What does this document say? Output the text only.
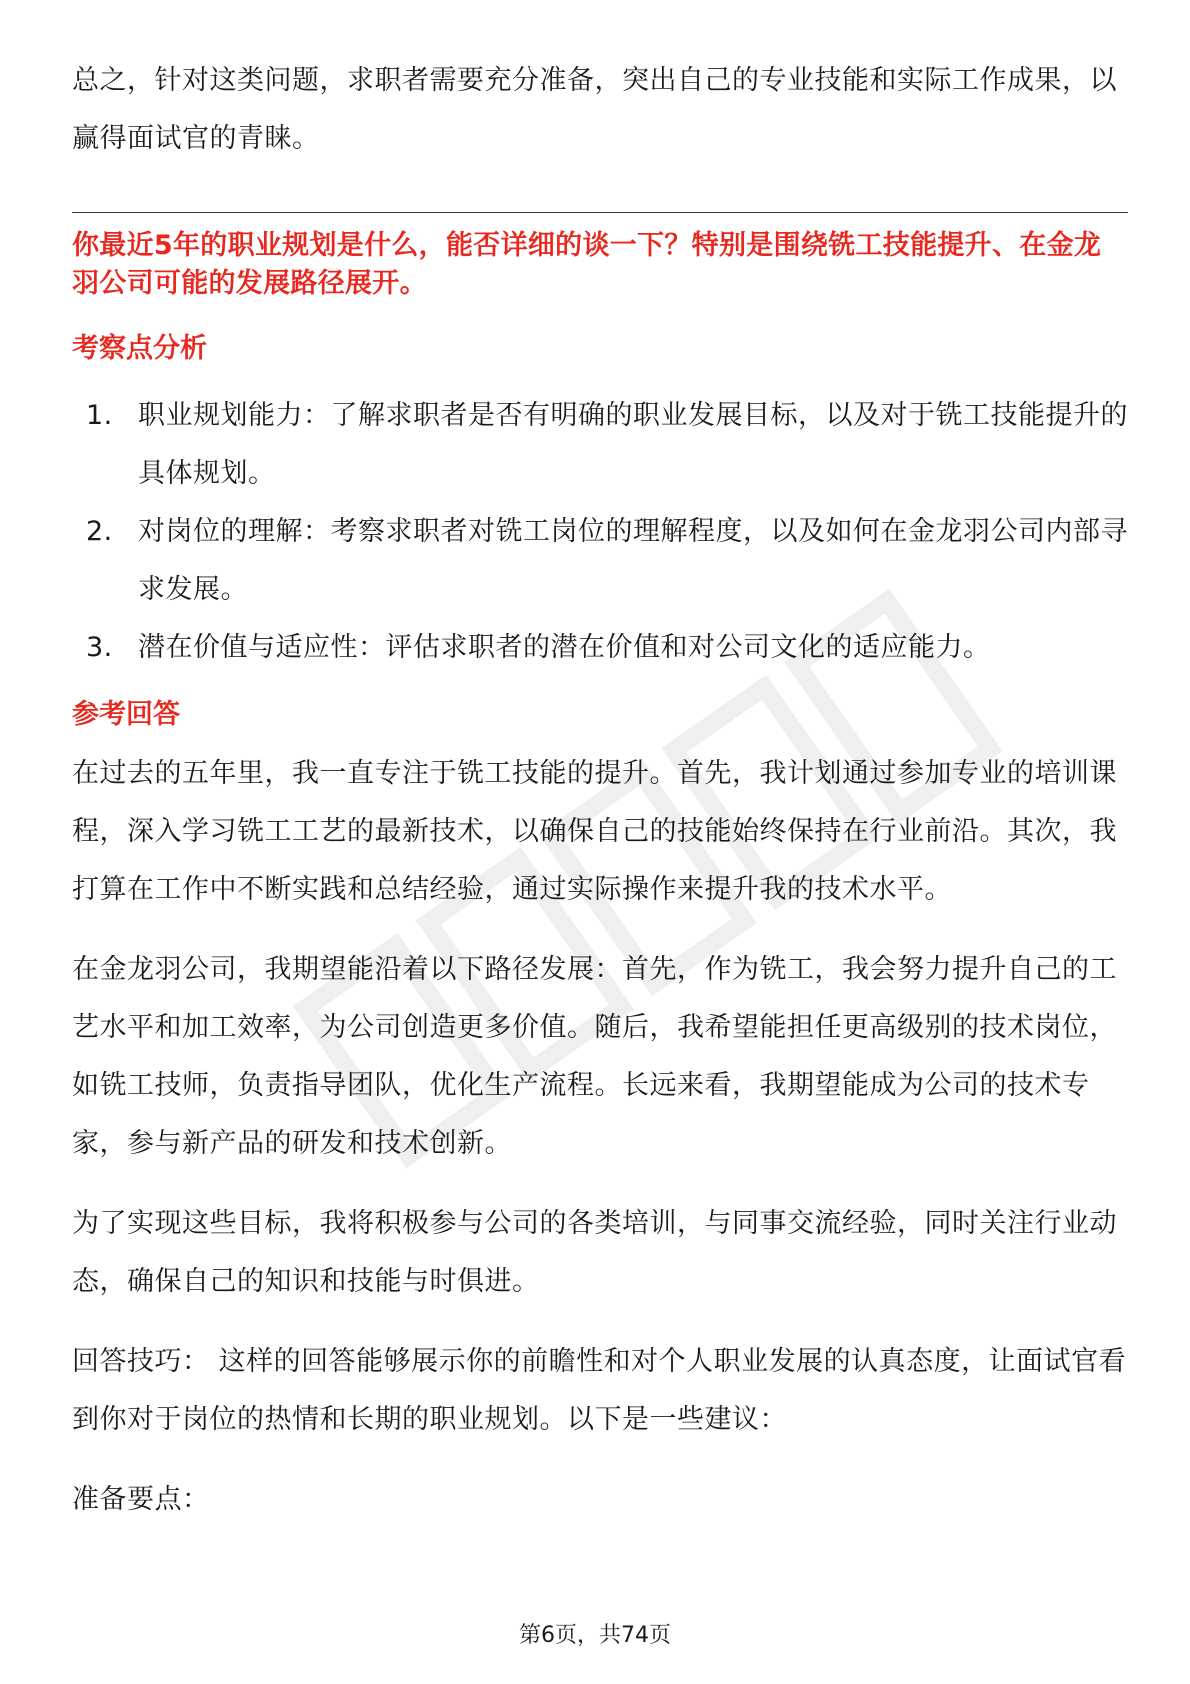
总之，针对这类问题，求职者需要充分准备，突出自己的专业技能和实际工作成果，以赢得面试官的青睐。

你最近5年的职业规划是什么，能否详细的谈一下？特别是围绕铣工技能提升、在金龙羽公司可能的发展路径展开。

考察点分析
1. 职业规划能力：了解求职者是否有明确的职业发展目标，以及对于铣工技能提升的具体规划。
2. 对岗位的理解：考察求职者对铣工岗位的理解程度，以及如何在金龙羽公司内部寻求发展。
3. 潜在价值与适应性：评估求职者的潜在价值和对公司文化的适应能力。
参考回答

在过去的五年里，我一直专注于铣工技能的提升。首先，我计划通过参加专业的培训课程，深入学习铣工工艺的最新技术，以确保自己的技能始终保持在行业前沿。其次，我打算在工作中不断实践和总结经验，通过实际操作来提升我的技术水平。

在金龙羽公司，我期望能沿着以下路径发展：首先，作为铣工，我会努力提升自己的工艺水平和加工效率，为公司创造更多价值。随后，我希望能担任更高级别的技术岗位，如铣工技师，负责指导团队，优化生产流程。长远来看，我期望能成为公司的技术专家，参与新产品的研发和技术创新。

为了实现这些目标，我将积极参与公司的各类培训，与同事交流经验，同时关注行业动态，确保自己的知识和技能与时俱进。

回答技巧： 这样的回答能够展示你的前瞻性和对个人职业发展的认真态度，让面试官看到你对于岗位的热情和长期的职业规划。以下是一些建议：

准备要点：

第6页，共74页
